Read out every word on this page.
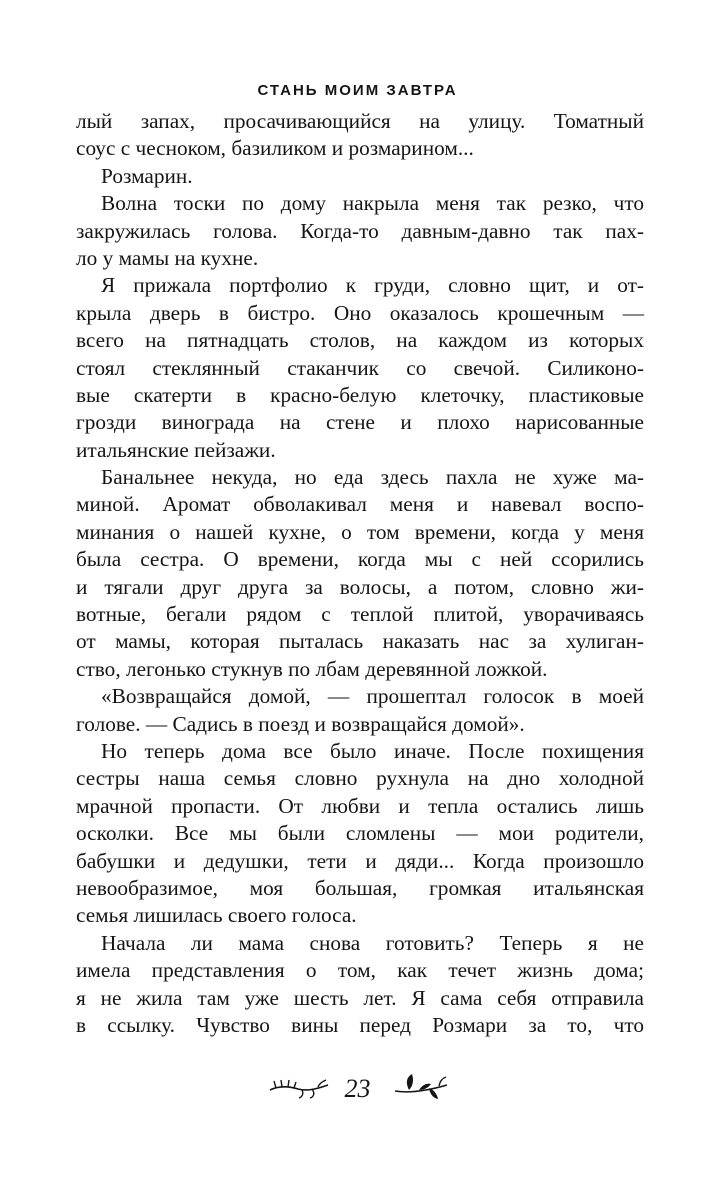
СТАНЬ МОИМ ЗАВТРА
лый запах, просачивающийся на улицу. Томатный
соус с чесноком, базиликом и розмарином...
Розмарин.
Волна тоски по дому накрыла меня так резко, что
закружилась голова. Когда-то давным-давно так пах-
ло у мамы на кухне.
Я прижала портфолио к груди, словно щит, и от-
крыла дверь в бистро. Оно оказалось крошечным —
всего на пятнадцать столов, на каждом из которых
стоял стеклянный стаканчик со свечой. Силиконо-
вые скатерти в красно-белую клеточку, пластиковые
грозди винограда на стене и плохо нарисованные
итальянские пейзажи.
Банальнее некуда, но еда здесь пахла не хуже ма-
миной. Аромат обволакивал меня и навевал воспо-
минания о нашей кухне, о том времени, когда у меня
была сестра. О времени, когда мы с ней ссорились
и тягали друг друга за волосы, а потом, словно жи-
вотные, бегали рядом с теплой плитой, уворачиваясь
от мамы, которая пыталась наказать нас за хулиган-
ство, легонько стукнув по лбам деревянной ложкой.
«Возвращайся домой, — прошептал голосок в моей
голове. — Садись в поезд и возвращайся домой».
Но теперь дома все было иначе. После похищения
сестры наша семья словно рухнула на дно холодной
мрачной пропасти. От любви и тепла остались лишь
осколки. Все мы были сломлены — мои родители,
бабушки и дедушки, тети и дяди... Когда произошло
невообразимое, моя большая, громкая итальянская
семья лишилась своего голоса.
Начала ли мама снова готовить? Теперь я не
имела представления о том, как течет жизнь дома;
я не жила там уже шесть лет. Я сама себя отправила
в ссылку. Чувство вины перед Розмари за то, что
23
